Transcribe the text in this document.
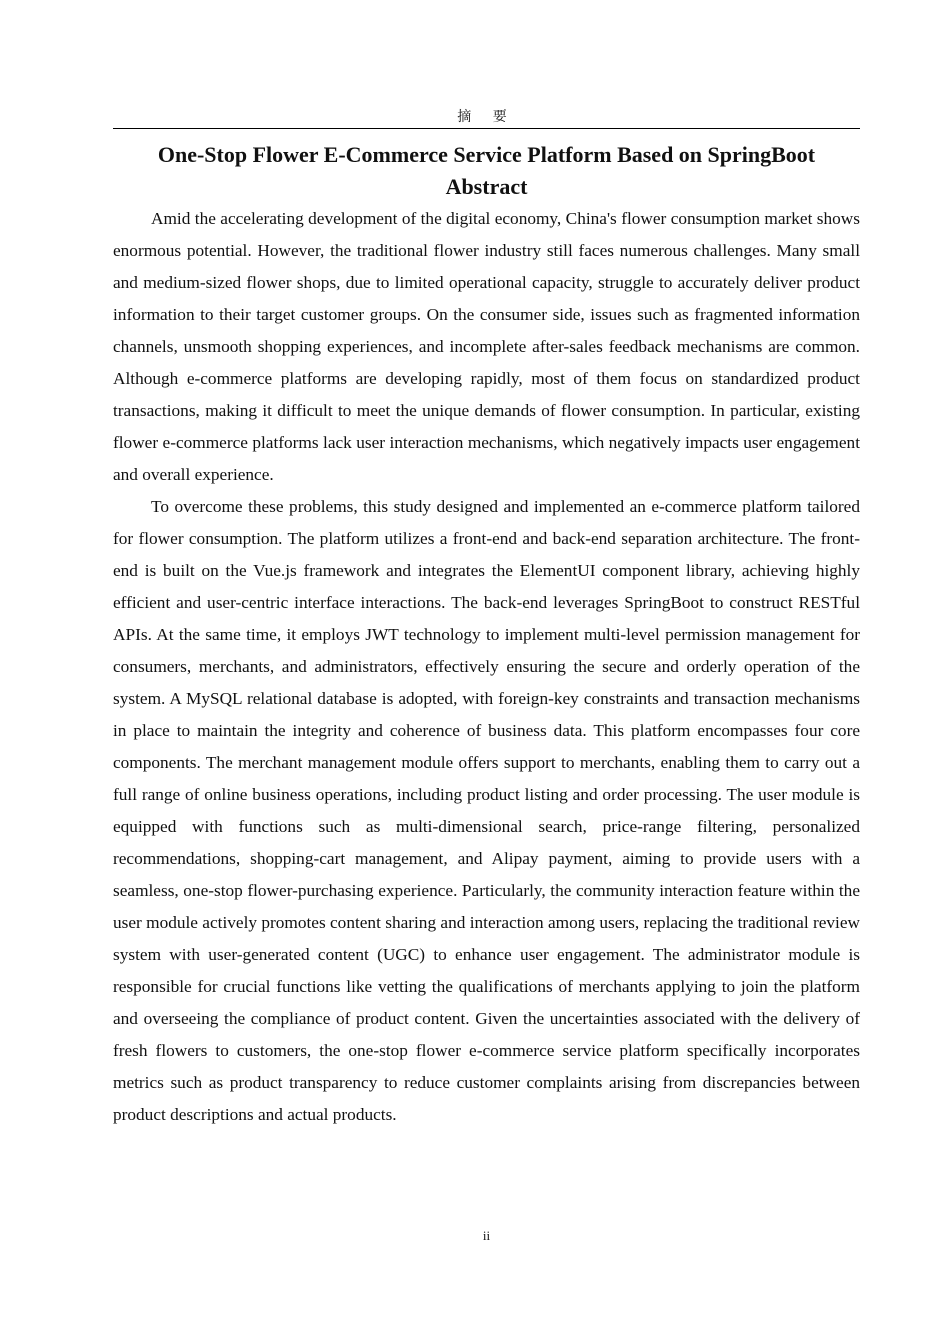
摘 要
One-Stop Flower E-Commerce Service Platform Based on SpringBoot
Abstract

Amid the accelerating development of the digital economy, China's flower consumption market shows enormous potential. However, the traditional flower industry still faces numerous challenges. Many small and medium-sized flower shops, due to limited operational capacity, struggle to accurately deliver product information to their target customer groups. On the consumer side, issues such as fragmented information channels, unsmooth shopping experiences, and incomplete after-sales feedback mechanisms are common. Although e-commerce platforms are developing rapidly, most of them focus on standardized product transactions, making it difficult to meet the unique demands of flower consumption. In particular, existing flower e-commerce platforms lack user interaction mechanisms, which negatively impacts user engagement and overall experience.

To overcome these problems, this study designed and implemented an e-commerce platform tailored for flower consumption. The platform utilizes a front-end and back-end separation architecture. The front-end is built on the Vue.js framework and integrates the ElementUI component library, achieving highly efficient and user-centric interface interactions. The back-end leverages SpringBoot to construct RESTful APIs. At the same time, it employs JWT technology to implement multi-level permission management for consumers, merchants, and administrators, effectively ensuring the secure and orderly operation of the system. A MySQL relational database is adopted, with foreign-key constraints and transaction mechanisms in place to maintain the integrity and coherence of business data. This platform encompasses four core components. The merchant management module offers support to merchants, enabling them to carry out a full range of online business operations, including product listing and order processing. The user module is equipped with functions such as multi-dimensional search, price-range filtering, personalized recommendations, shopping-cart management, and Alipay payment, aiming to provide users with a seamless, one-stop flower-purchasing experience. Particularly, the community interaction feature within the user module actively promotes content sharing and interaction among users, replacing the traditional review system with user-generated content (UGC) to enhance user engagement. The administrator module is responsible for crucial functions like vetting the qualifications of merchants applying to join the platform and overseeing the compliance of product content. Given the uncertainties associated with the delivery of fresh flowers to customers, the one-stop flower e-commerce service platform specifically incorporates metrics such as product transparency to reduce customer complaints arising from discrepancies between product descriptions and actual products.

ii
